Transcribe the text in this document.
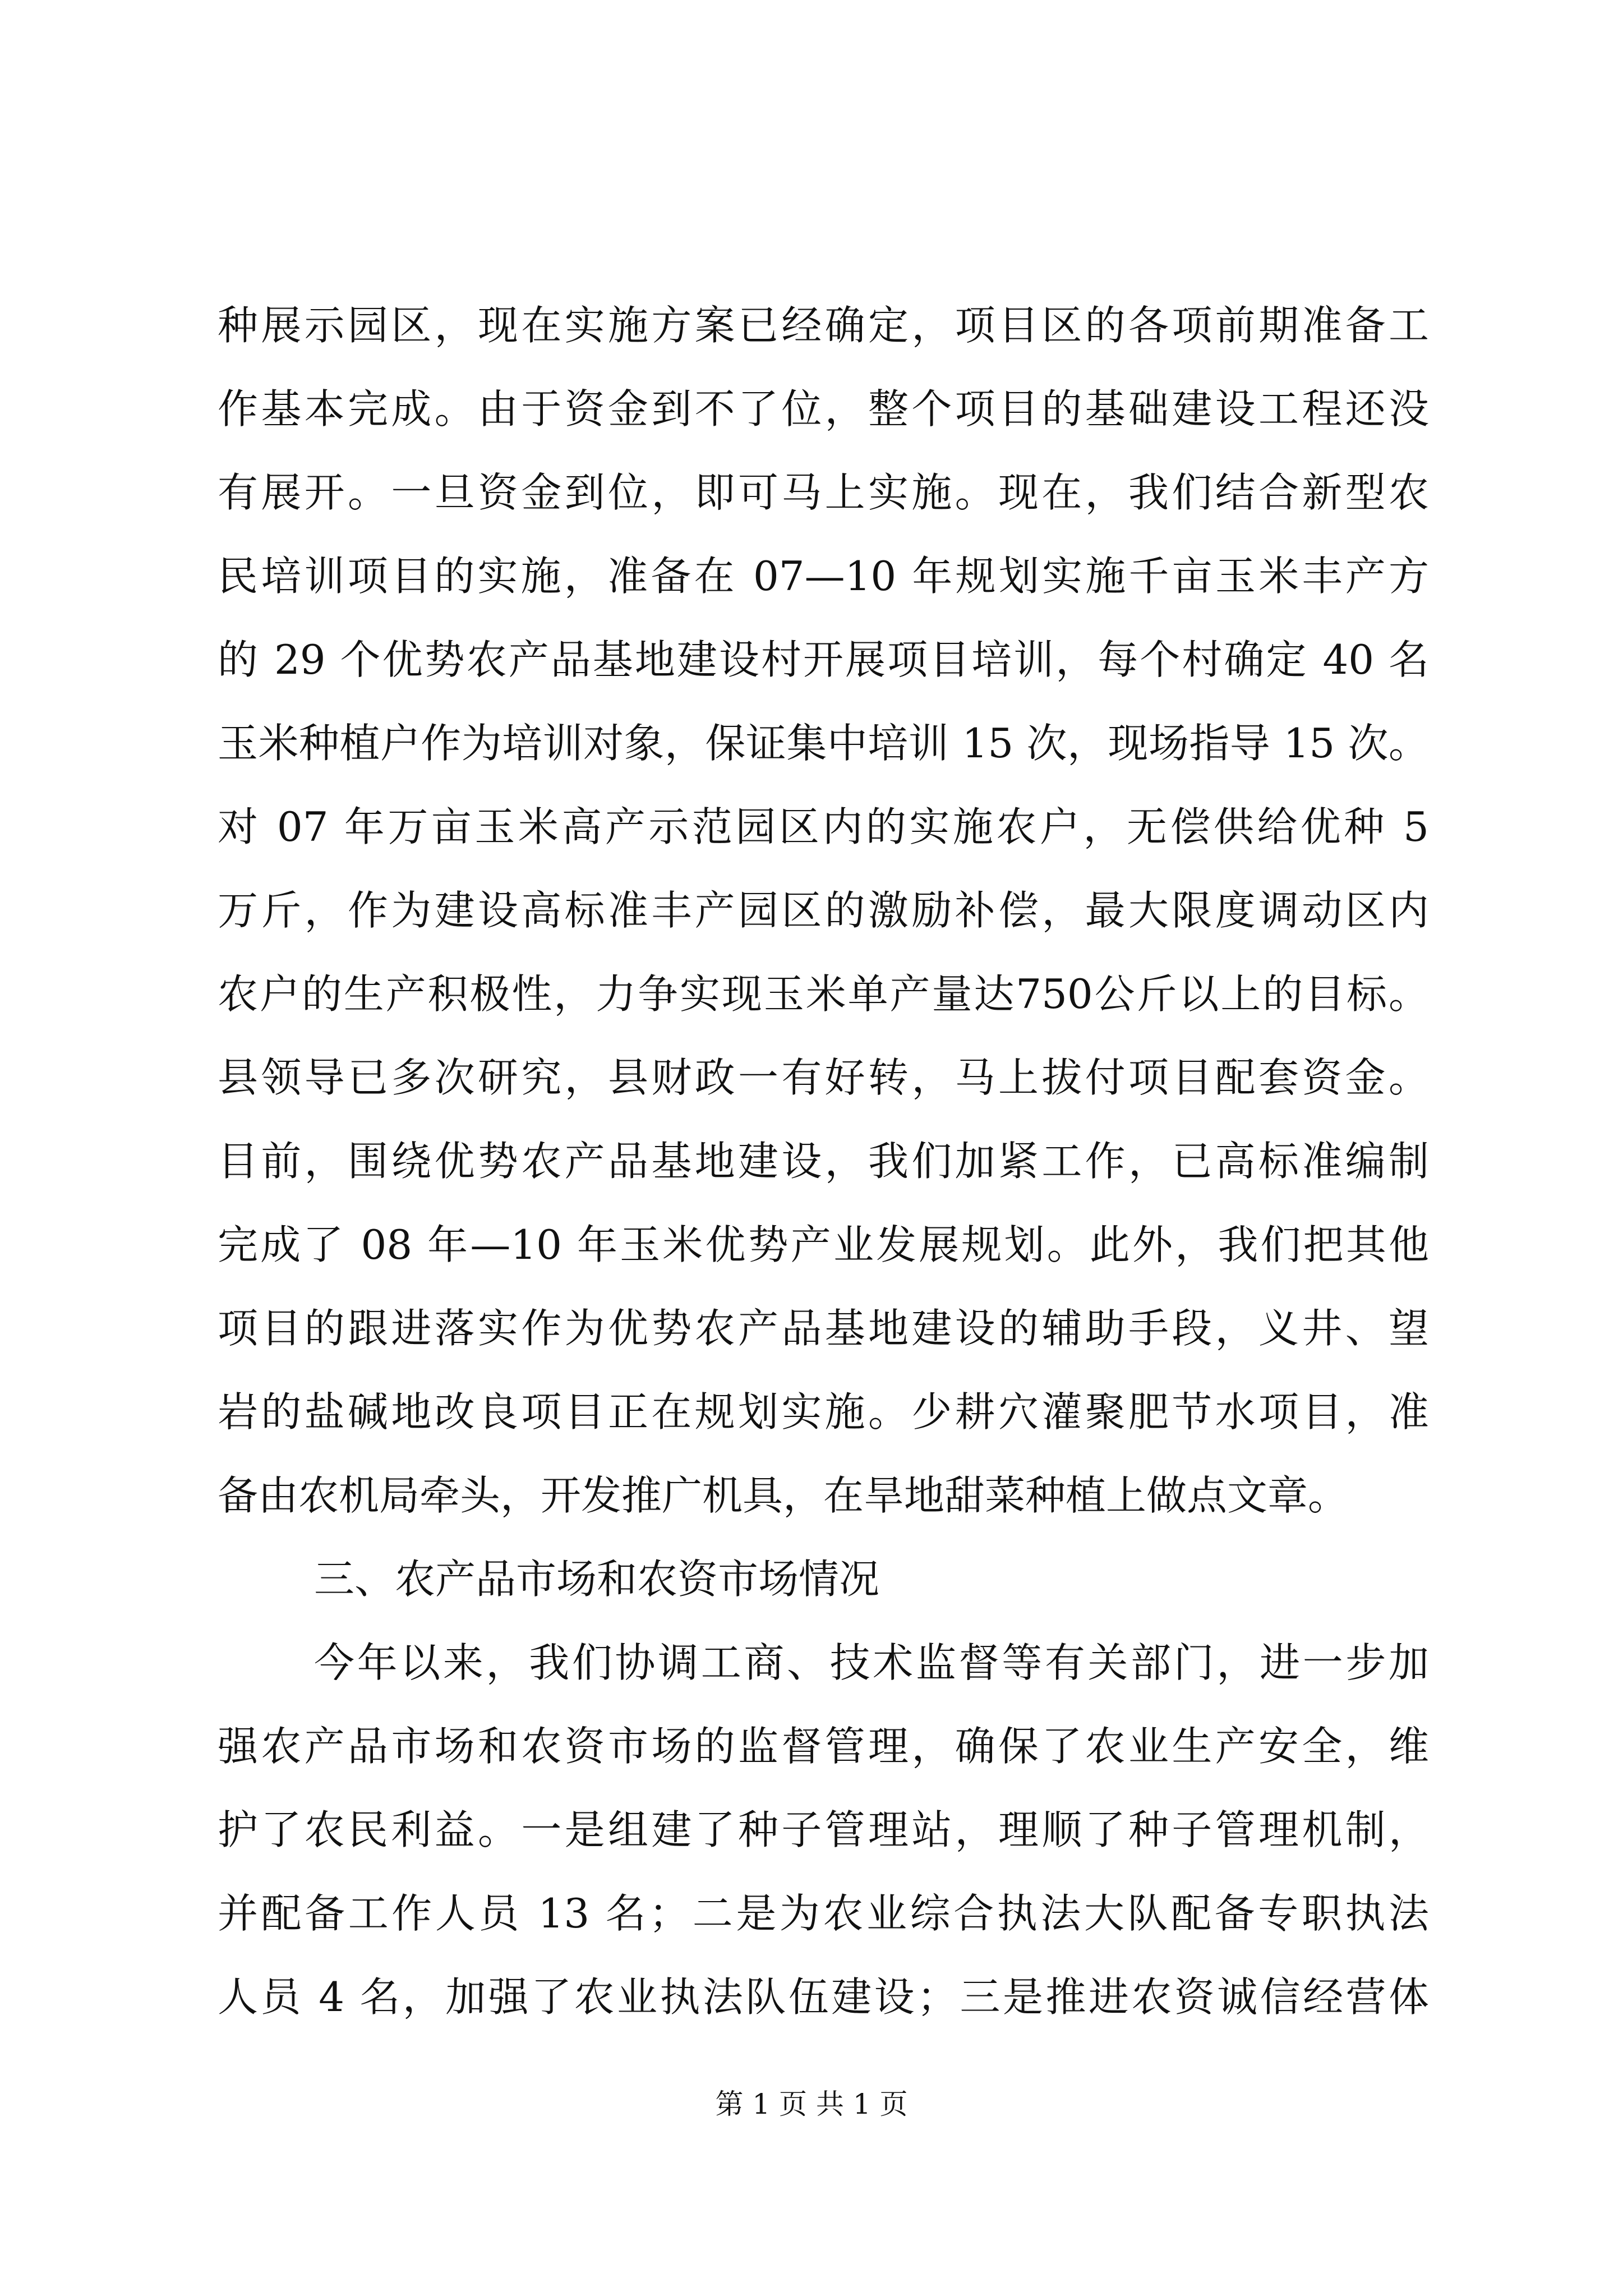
种展示园区，现在实施方案已经确定，项目区的各项前期准备工
作基本完成。由于资金到不了位，整个项目的基础建设工程还没
有展开。一旦资金到位，即可马上实施。现在，我们结合新型农
民培训项目的实施，准备在 07—10 年规划实施千亩玉米丰产方
的 29 个优势农产品基地建设村开展项目培训，每个村确定 40 名
玉米种植户作为培训对象，保证集中培训 15 次，现场指导 15 次。
对 07 年万亩玉米高产示范园区内的实施农户，无偿供给优种 5
万斤，作为建设高标准丰产园区的激励补偿，最大限度调动区内
农户的生产积极性，力争实现玉米单产量达750公斤以上的目标。
县领导已多次研究，县财政一有好转，马上拔付项目配套资金。
目前，围绕优势农产品基地建设，我们加紧工作，已高标准编制
完成了 08 年—10 年玉米优势产业发展规划。此外，我们把其他
项目的跟进落实作为优势农产品基地建设的辅助手段，义井、望
岩的盐碱地改良项目正在规划实施。少耕穴灌聚肥节水项目，准
备由农机局牵头，开发推广机具，在旱地甜菜种植上做点文章。
三、农产品市场和农资市场情况
今年以来，我们协调工商、技术监督等有关部门，进一步加
强农产品市场和农资市场的监督管理，确保了农业生产安全，维
护了农民利益。一是组建了种子管理站，理顺了种子管理机制，
并配备工作人员 13 名；二是为农业综合执法大队配备专职执法
人员 4 名，加强了农业执法队伍建设；三是推进农资诚信经营体
第 1 页 共 1 页
